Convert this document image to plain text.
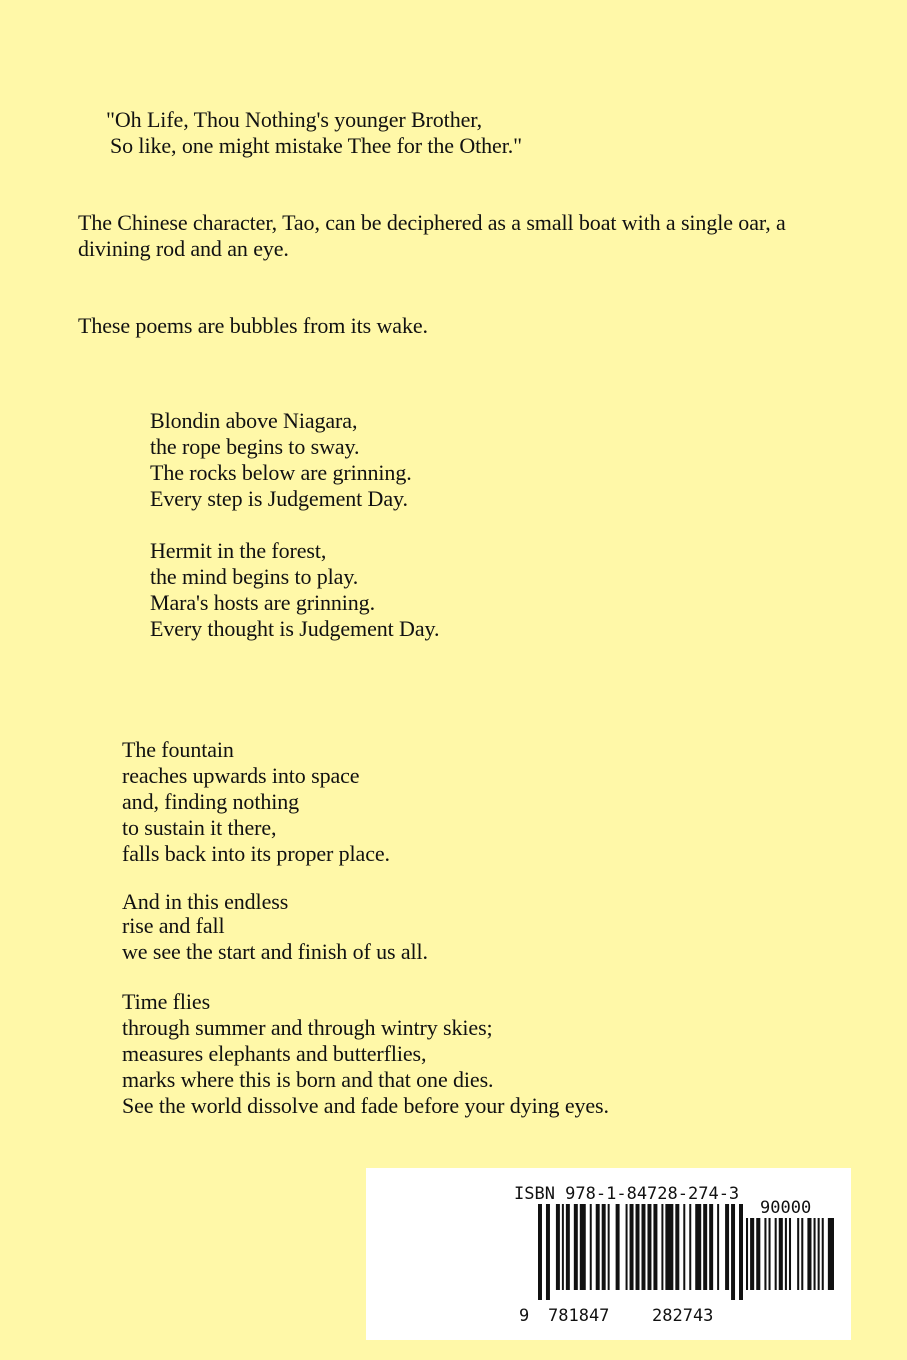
"Oh Life, Thou Nothing's younger Brother,
So like, one might mistake Thee for the Other."
The Chinese character, Tao, can be deciphered as a small boat with a single oar, a
divining rod and an eye.
These poems are bubbles from its wake.
Blondin above Niagara,
the rope begins to sway.
The rocks below are grinning.
Every step is Judgement Day.
Hermit in the forest,
the mind begins to play.
Mara's hosts are grinning.
Every thought is Judgement Day.
The fountain
reaches upwards into space
and, finding nothing
to sustain it there,
falls back into its proper place.
And in this endless
rise and fall
we see the start and finish of us all.
Time flies
through summer and through wintry skies;
measures elephants and butterflies,
marks where this is born and that one dies.
See the world dissolve and fade before your dying eyes.
ISBN 978-1-84728-274-3
90000
9 781847	282743
